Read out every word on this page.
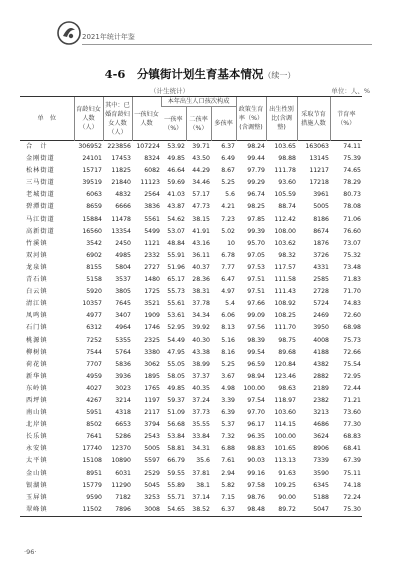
2021年统计年鉴
4-6　分镇街计划生育基本情况（续一）
（计生统计）	单位：人、%
单　位	育龄妇女人数（人）	其中：已婚育龄妇女人数（人）	一孩妇女人数	本年出生人口孩次构成			政策生育率（%）(含调整)	出生性别比(含调整)	采取节育措施人数	节育率（%）
				一孩率（%）	二孩率（%）	多孩率				
合　计	306952	223856	107224	53.92	39.71	6.37	98.24	103.65	163063	74.11
金刚街道	24101	17453	8324	49.85	43.50	6.49	99.44	98.88	13145	75.39
松林街道	15717	11825	6082	46.64	44.29	8.67	97.79	111.78	11217	74.65
三马街道	39519	21840	11123	59.69	34.46	5.25	99.29	93.60	17218	78.29
老城街道	6063	4832	2564	41.03	57.17	5.6	96.74	105.59	3961	80.73
碧潭街道	8659	6666	3836	43.87	47.73	4.21	98.25	88.74	5005	78.08
马江街道	15884	11478	5561	54.62	38.15	7.23	97.85	112.42	8186	71.06
高新街道	16560	13354	5499	53.07	41.91	5.02	99.39	108.00	8674	76.60
竹溪镇	3542	2450	1121	48.84	43.16	10	95.70	103.62	1876	73.07
双河镇	6902	4985	2332	55.91	36.11	6.78	97.05	98.32	3726	75.32
龙泉镇	8155	5804	2727	51.96	40.37	7.77	97.53	117.57	4331	73.48
青石镇	5158	3537	1480	65.17	28.36	6.47	97.51	111.58	2585	71.83
白云镇	5920	3805	1725	55.73	38.31	4.97	97.51	111.43	2728	71.70
清江镇	10357	7645	3521	55.61	37.78	5.4	97.66	108.92	5724	74.83
凤鸣镇	4977	3407	1909	53.61	34.34	6.06	99.09	108.25	2469	72.60
石门镇	6312	4964	1746	52.95	39.92	8.13	97.56	111.70	3950	68.98
桃源镇	7252	5355	2325	54.49	40.30	5.16	98.39	98.75	4008	75.73
柳树镇	7544	5764	3380	47.95	43.38	8.16	99.54	89.68	4188	72.66
荷花镇	7707	5836	3062	55.05	38.99	5.25	96.59	120.84	4382	75.54
新华镇	4959	3936	1895	58.05	37.37	3.67	98.94	123.46	2882	72.95
东岭镇	4027	3023	1765	49.85	40.35	4.98	100.00	98.63	2189	72.44
西坪镇	4267	3214	1197	59.37	37.24	3.39	97.54	118.97	2382	71.21
南山镇	5951	4318	2117	51.09	37.73	6.39	97.70	103.60	3213	73.60
北岸镇	8502	6653	3794	56.68	35.55	5.37	96.17	114.15	4686	77.30
长乐镇	7641	5286	2543	53.84	33.84	7.32	96.35	100.00	3624	68.83
永安镇	17740	12370	5005	58.81	34.31	6.88	98.83	101.65	8906	68.41
太平镇	15108	10890	5597	66.79	35.6	7.61	90.03	113.13	7339	67.39
金山镇	8951	6031	2529	59.55	37.81	2.94	99.16	91.63	3590	75.11
银湖镇	15779	11290	5045	55.89	38.1	5.82	97.58	109.25	6345	74.18
玉屏镇	9590	7182	3253	55.71	37.14	7.15	98.76	90.00	5188	72.24
翠峰镇	11502	7896	3008	54.65	38.52	6.37	98.48	89.72	5047	75.30
·96·
